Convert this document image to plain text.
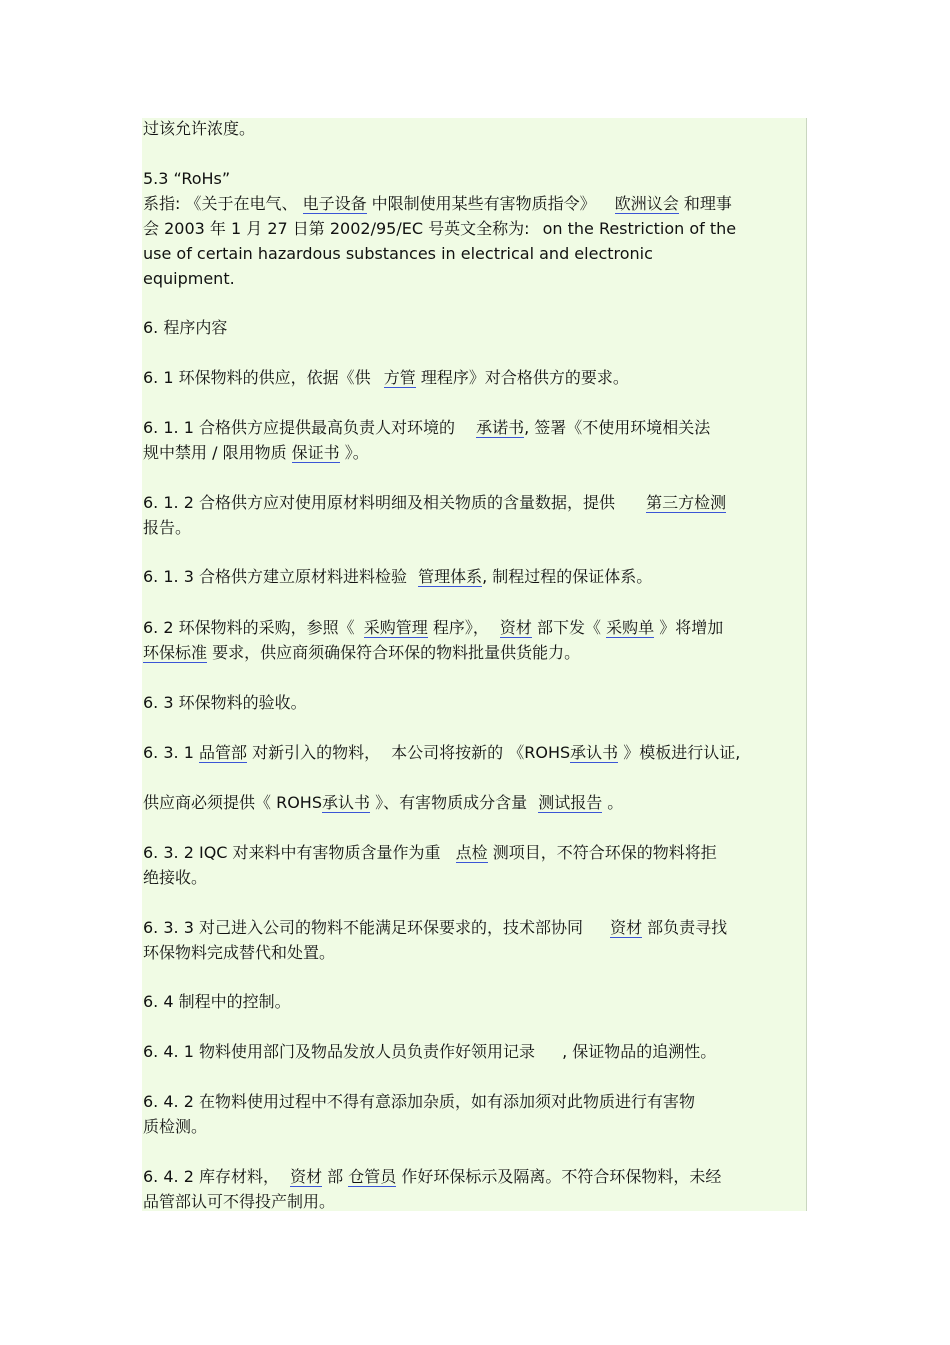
过该允许浓度。
5.3 “RoHs”
系指: 《关于在电气、 电子设备 中限制使用某些有害物质指令》 欧洲议会 和理事
会 2003 年 1 月 27 日第 2002/95/EC 号英文全称为: on the Restriction of the
use of certain hazardous substances in electrical and electronic
equipment.
6. 程序内容
6. 1 环保物料的供应，依据《供 方管 理程序》对合格供方的要求。
6. 1. 1 合格供方应提供最高负责人对环境的 承诺书, 签署《不使用环境相关法
规中禁用 / 限用物质 保证书 》。
6. 1. 2 合格供方应对使用原材料明细及相关物质的含量数据，提供 第三方检测
报告。
6. 1. 3 合格供方建立原材料进料检验 管理体系, 制程过程的保证体系。
6. 2 环保物料的采购，参照《 采购管理 程序》， 资材 部下发《 采购单 》将增加
环保标准 要求，供应商须确保符合环保的物料批量供货能力。
6. 3 环保物料的验收。
6. 3. 1 品管部 对新引入的物料， 本公司将按新的 《ROHS承认书 》模板进行认证,
供应商必须提供《 ROHS承认书 》、有害物质成分含量 测试报告 。
6. 3. 2 IQC 对来料中有害物质含量作为重 点检 测项目，不符合环保的物料将拒
绝接收。
6. 3. 3 对己进入公司的物料不能满足环保要求的，技术部协同 资材 部负责寻找
环保物料完成替代和处置。
6. 4 制程中的控制。
6. 4. 1 物料使用部门及物品发放人员负责作好领用记录 , 保证物品的追溯性。
6. 4. 2 在物料使用过程中不得有意添加杂质，如有添加须对此物质进行有害物
质检测。
6. 4. 2 库存材料， 资材 部 仓管员 作好环保标示及隔离。不符合环保物料，未经
品管部认可不得投产制用。
